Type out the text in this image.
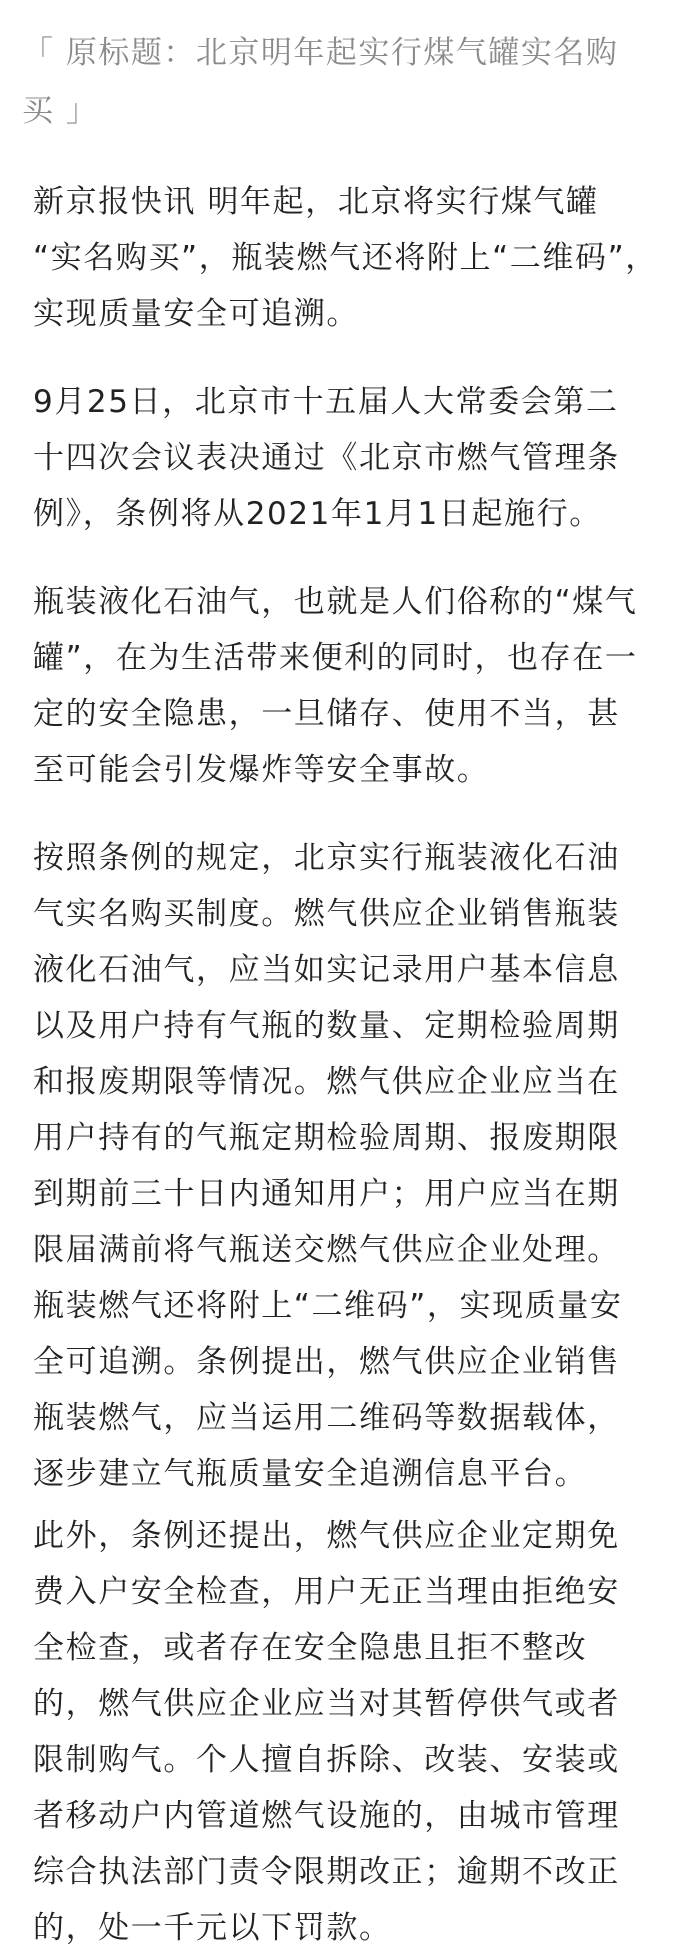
「 原标题：北京明年起实行煤气罐实名购
买 」
新京报快讯 明年起，北京将实行煤气罐
“实名购买”，瓶装燃气还将附上“二维码”，
实现质量安全可追溯。
9月25日，北京市十五届人大常委会第二
十四次会议表决通过《北京市燃气管理条
例》，条例将从2021年1月1日起施行。
瓶装液化石油气，也就是人们俗称的“煤气
罐”，在为生活带来便利的同时，也存在一
定的安全隐患，一旦储存、使用不当，甚
至可能会引发爆炸等安全事故。
按照条例的规定，北京实行瓶装液化石油
气实名购买制度。燃气供应企业销售瓶装
液化石油气，应当如实记录用户基本信息
以及用户持有气瓶的数量、定期检验周期
和报废期限等情况。燃气供应企业应当在
用户持有的气瓶定期检验周期、报废期限
到期前三十日内通知用户；用户应当在期
限届满前将气瓶送交燃气供应企业处理。
瓶装燃气还将附上“二维码”，实现质量安
全可追溯。条例提出，燃气供应企业销售
瓶装燃气，应当运用二维码等数据载体，
逐步建立气瓶质量安全追溯信息平台。
此外，条例还提出，燃气供应企业定期免
费入户安全检查，用户无正当理由拒绝安
全检查，或者存在安全隐患且拒不整改
的，燃气供应企业应当对其暂停供气或者
限制购气。个人擅自拆除、改装、安装或
者移动户内管道燃气设施的，由城市管理
综合执法部门责令限期改正；逾期不改正
的，处一千元以下罚款。
